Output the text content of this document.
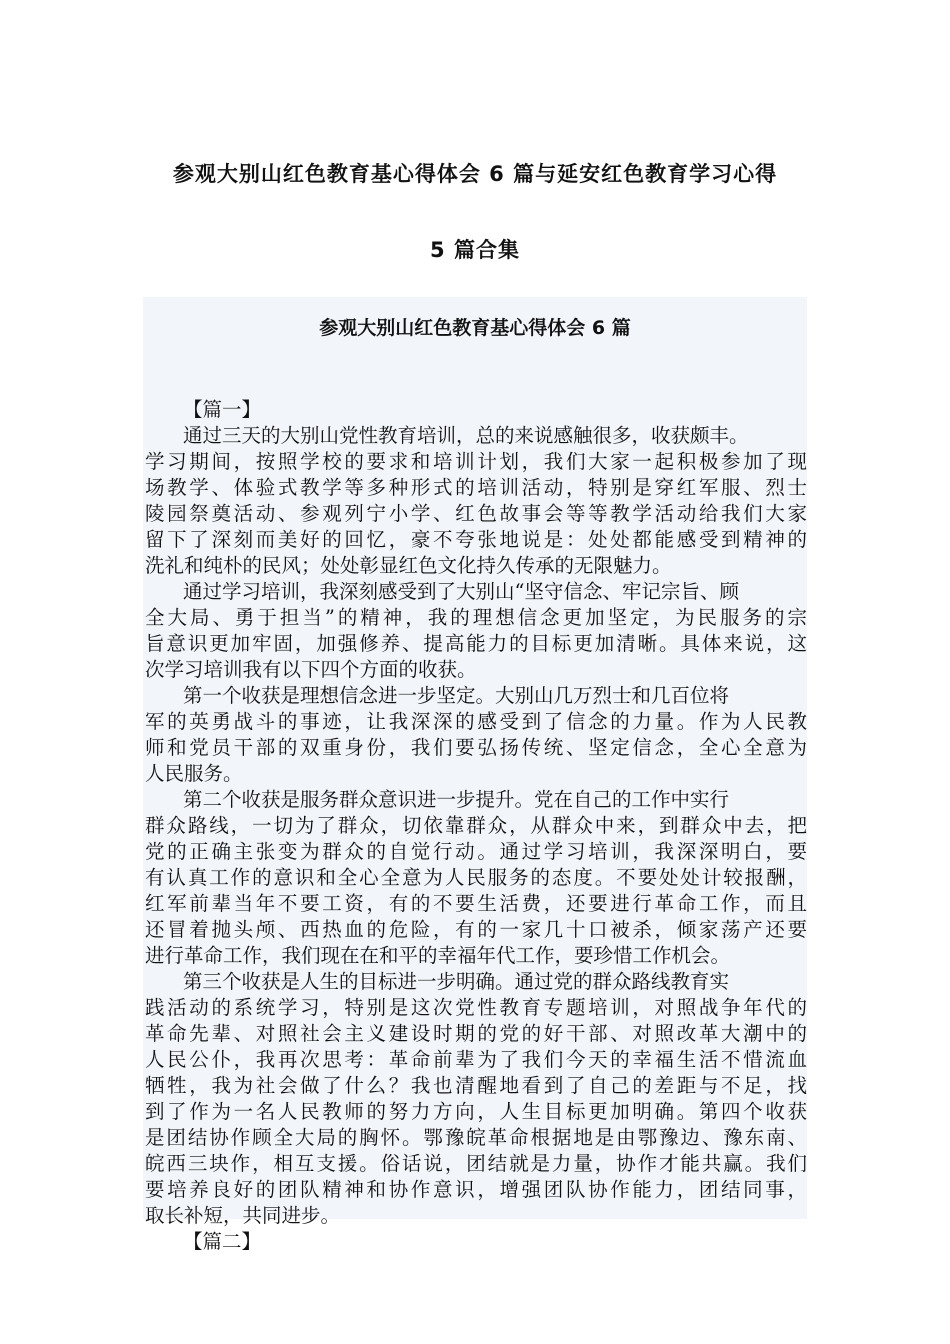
参观大别山红色教育基心得体会 6 篇与延安红色教育学习心得
5 篇合集
参观大别山红色教育基心得体会 6 篇
【篇一】
通过三天的大别山党性教育培训，总的来说感触很多，收获颇丰。
学习期间，按照学校的要求和培训计划，我们大家一起积极参加了现
场教学、体验式教学等多种形式的培训活动，特别是穿红军服、烈士
陵园祭奠活动、参观列宁小学、红色故事会等等教学活动给我们大家
留下了深刻而美好的回忆，豪不夸张地说是：处处都能感受到精神的
洗礼和纯朴的民风；处处彰显红色文化持久传承的无限魅力。
通过学习培训，我深刻感受到了大别山“坚守信念、牢记宗旨、顾
全大局、勇于担当”的精神，我的理想信念更加坚定，为民服务的宗
旨意识更加牢固，加强修养、提高能力的目标更加清晰。具体来说，这
次学习培训我有以下四个方面的收获。
第一个收获是理想信念进一步坚定。大别山几万烈士和几百位将
军的英勇战斗的事迹，让我深深的感受到了信念的力量。作为人民教
师和党员干部的双重身份，我们要弘扬传统、坚定信念，全心全意为
人民服务。
第二个收获是服务群众意识进一步提升。党在自己的工作中实行
群众路线，一切为了群众，切依靠群众，从群众中来，到群众中去，把
党的正确主张变为群众的自觉行动。通过学习培训，我深深明白，要
有认真工作的意识和全心全意为人民服务的态度。不要处处计较报酬，
红军前辈当年不要工资，有的不要生活费，还要进行革命工作，而且
还冒着抛头颅、西热血的危险，有的一家几十口被杀，倾家荡产还要
进行革命工作，我们现在在和平的幸福年代工作，要珍惜工作机会。
第三个收获是人生的目标进一步明确。通过党的群众路线教育实
践活动的系统学习，特别是这次党性教育专题培训，对照战争年代的
革命先辈、对照社会主义建设时期的党的好干部、对照改革大潮中的
人民公仆，我再次思考：革命前辈为了我们今天的幸福生活不惜流血
牺牲，我为社会做了什么？我也清醒地看到了自己的差距与不足，找
到了作为一名人民教师的努力方向，人生目标更加明确。第四个收获
是团结协作顾全大局的胸怀。鄂豫皖革命根据地是由鄂豫边、豫东南、
皖西三块作，相互支援。俗话说，团结就是力量，协作才能共赢。我们
要培养良好的团队精神和协作意识，增强团队协作能力，团结同事，
取长补短，共同进步。
【篇二】
